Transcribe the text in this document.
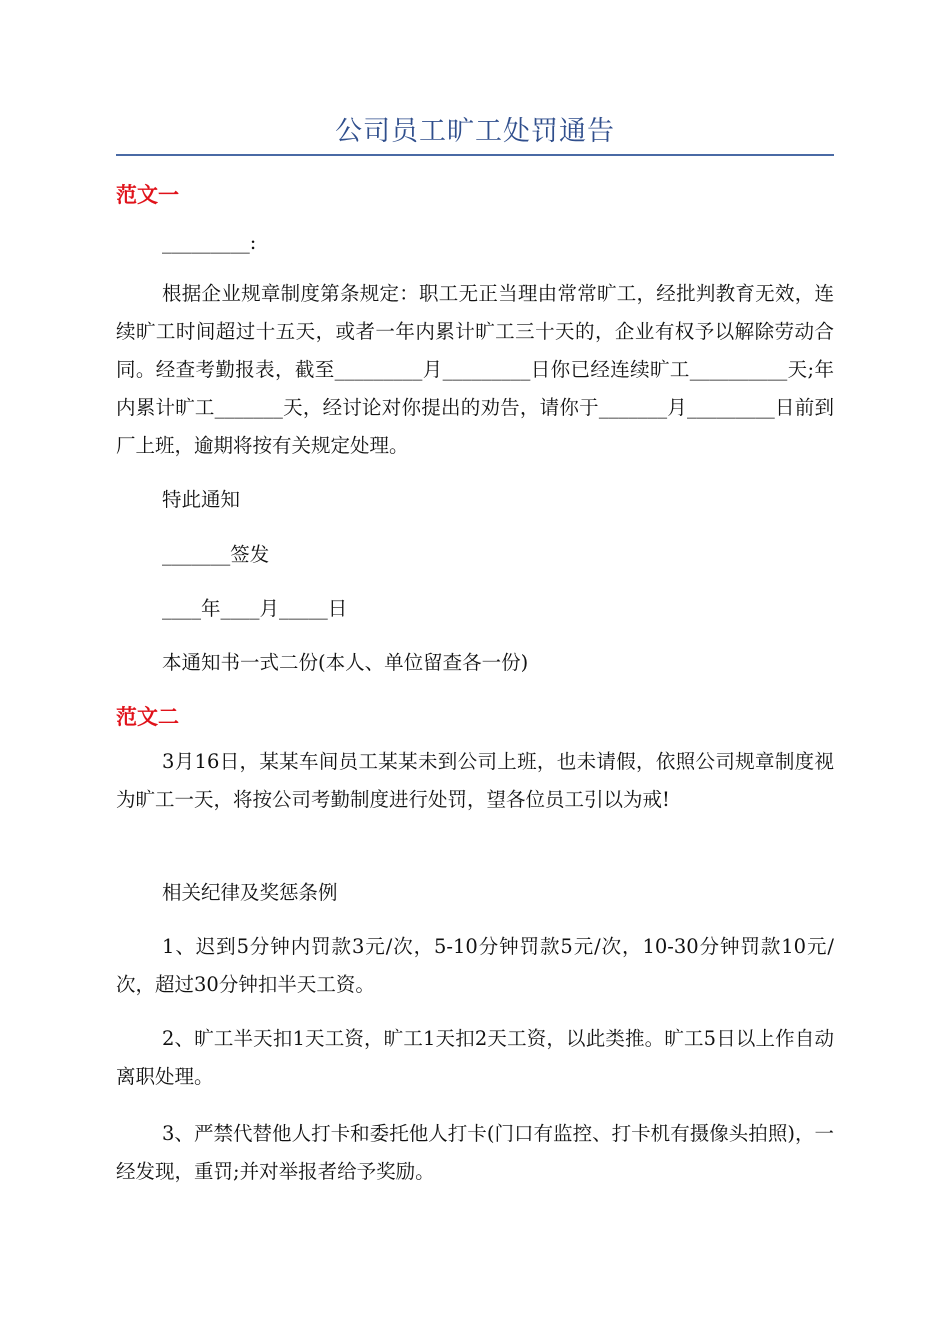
公司员工旷工处罚通告
范文一
_________:
根据企业规章制度第条规定：职工无正当理由常常旷工，经批判教育无效，连续旷工时间超过十五天，或者一年内累计旷工三十天的，企业有权予以解除劳动合同。经查考勤报表，截至_________月_________日你已经连续旷工__________天;年内累计旷工_______天，经讨论对你提出的劝告，请你于_______月_________日前到厂上班，逾期将按有关规定处理。
特此通知
_______签发
____年____月_____日
本通知书一式二份(本人、单位留查各一份)
范文二
3月16日，某某车间员工某某未到公司上班，也未请假，依照公司规章制度视为旷工一天，将按公司考勤制度进行处罚，望各位员工引以为戒!
相关纪律及奖惩条例
1、迟到5分钟内罚款3元/次，5-10分钟罚款5元/次，10-30分钟罚款10元/次，超过30分钟扣半天工资。
2、旷工半天扣1天工资，旷工1天扣2天工资，以此类推。旷工5日以上作自动离职处理。
3、严禁代替他人打卡和委托他人打卡(门口有监控、打卡机有摄像头拍照)，一经发现，重罚;并对举报者给予奖励。
